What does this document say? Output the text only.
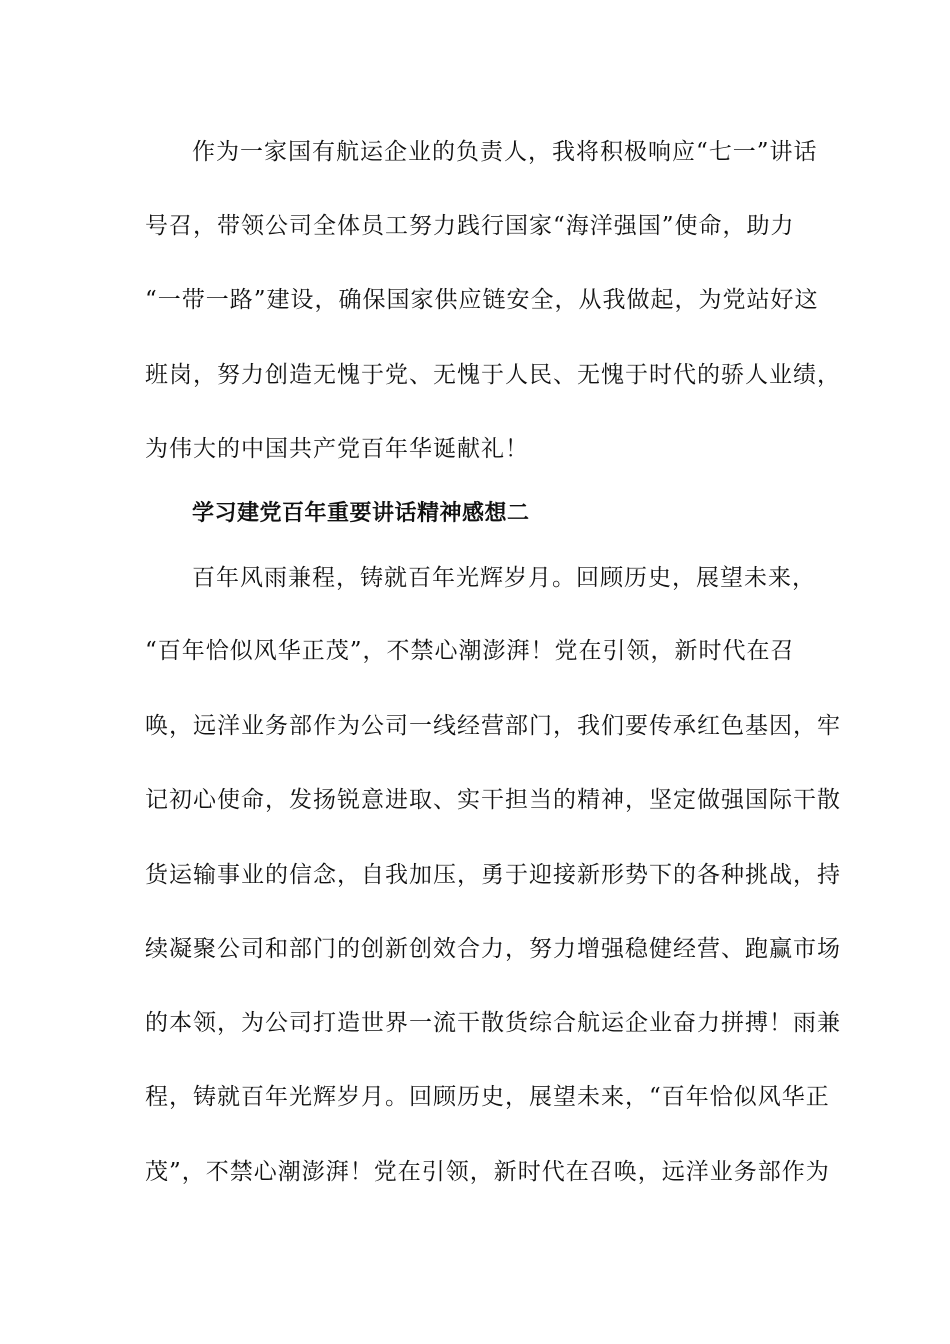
作为一家国有航运企业的负责人，我将积极响应“七一”讲话
号召，带领公司全体员工努力践行国家“海洋强国”使命，助力
“一带一路”建设，确保国家供应链安全，从我做起，为党站好这
班岗，努力创造无愧于党、无愧于人民、无愧于时代的骄人业绩，
为伟大的中国共产党百年华诞献礼！
学习建党百年重要讲话精神感想二
百年风雨兼程，铸就百年光辉岁月。回顾历史，展望未来，
“百年恰似风华正茂”，不禁心潮澎湃！党在引领，新时代在召
唤，远洋业务部作为公司一线经营部门，我们要传承红色基因，牢
记初心使命，发扬锐意进取、实干担当的精神，坚定做强国际干散
货运输事业的信念，自我加压，勇于迎接新形势下的各种挑战，持
续凝聚公司和部门的创新创效合力，努力增强稳健经营、跑赢市场
的本领，为公司打造世界一流干散货综合航运企业奋力拼搏！雨兼
程，铸就百年光辉岁月。回顾历史，展望未来，“百年恰似风华正
茂”，不禁心潮澎湃！党在引领，新时代在召唤，远洋业务部作为
